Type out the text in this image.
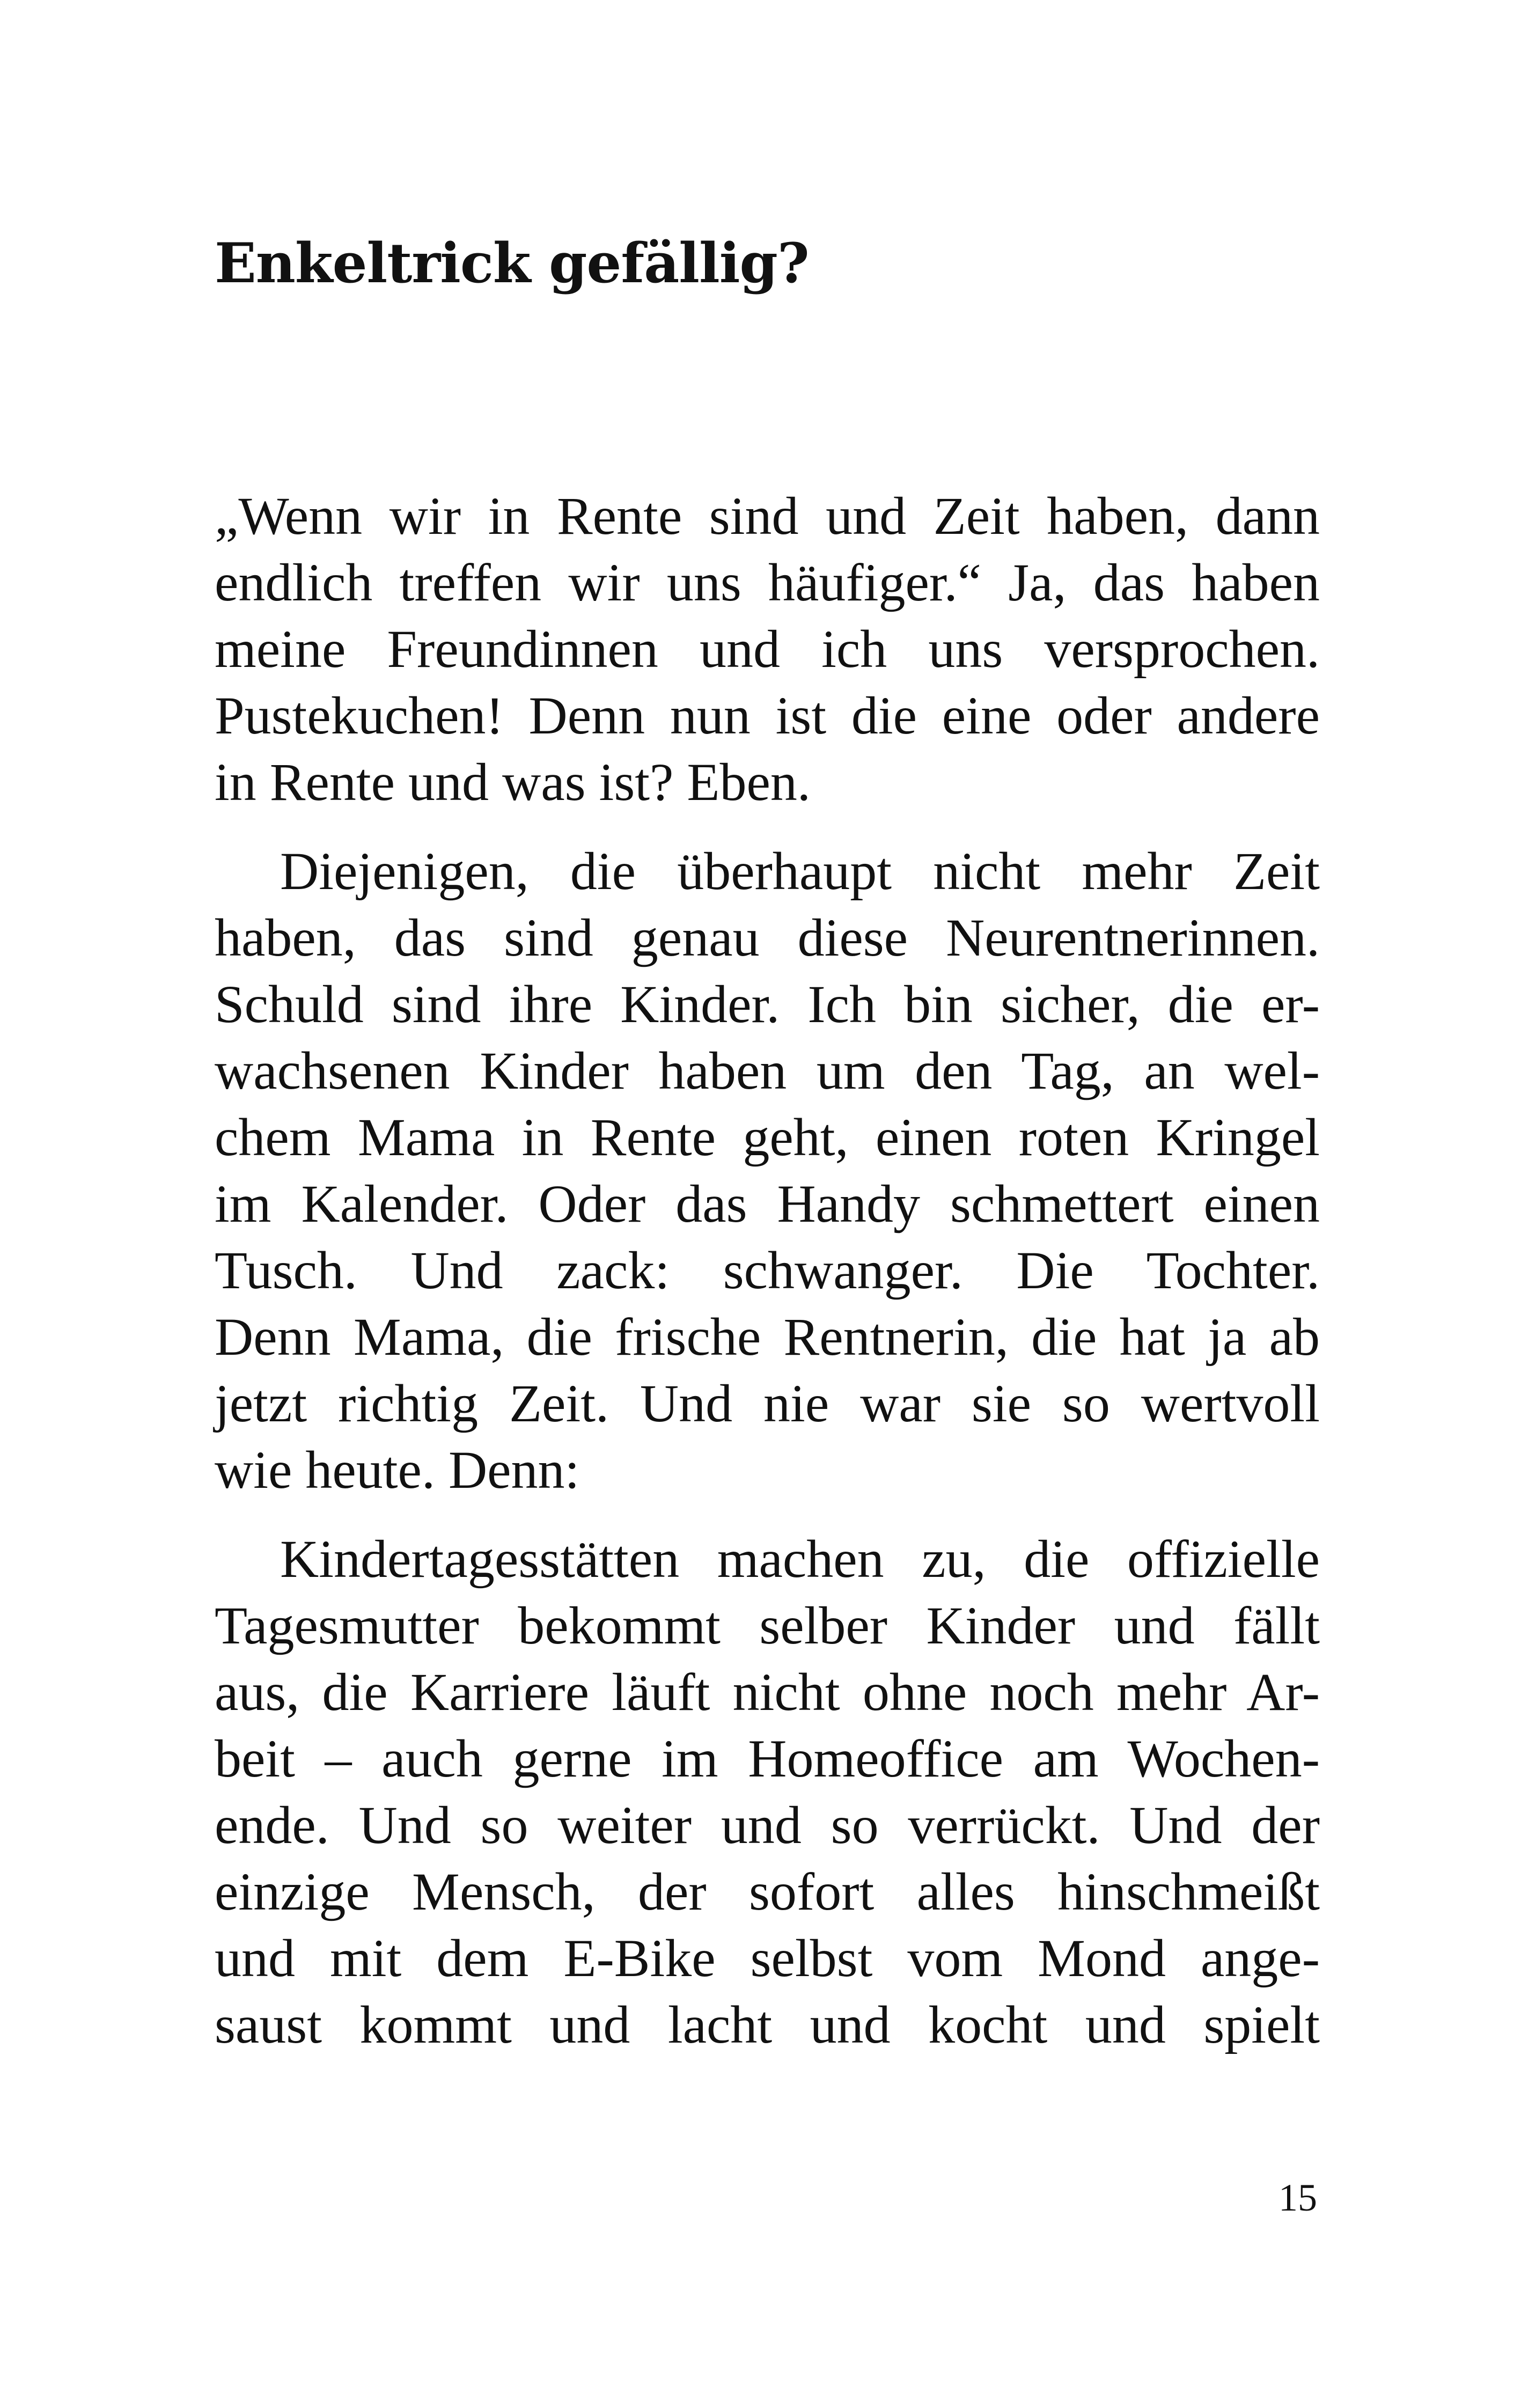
Enkeltrick gefällig?
„Wenn wir in Rente sind und Zeit haben, dann
endlich treffen wir uns häufiger.“ Ja, das haben
meine Freundinnen und ich uns versprochen.
Pustekuchen! Denn nun ist die eine oder andere
in Rente und was ist? Eben.
Diejenigen, die überhaupt nicht mehr Zeit
haben, das sind genau diese Neurentnerinnen.
Schuld sind ihre Kinder. Ich bin sicher, die er-
wachsenen Kinder haben um den Tag, an wel-
chem Mama in Rente geht, einen roten Kringel
im Kalender. Oder das Handy schmettert einen
Tusch. Und zack: schwanger. Die Tochter.
Denn Mama, die frische Rentnerin, die hat ja ab
jetzt richtig Zeit. Und nie war sie so wertvoll
wie heute. Denn:
Kindertagesstätten machen zu, die offizielle
Tagesmutter bekommt selber Kinder und fällt
aus, die Karriere läuft nicht ohne noch mehr Ar-
beit – auch gerne im Homeoffice am Wochen-
ende. Und so weiter und so verrückt. Und der
einzige Mensch, der sofort alles hinschmeißt
und mit dem E-Bike selbst vom Mond ange-
saust kommt und lacht und kocht und spielt
15
